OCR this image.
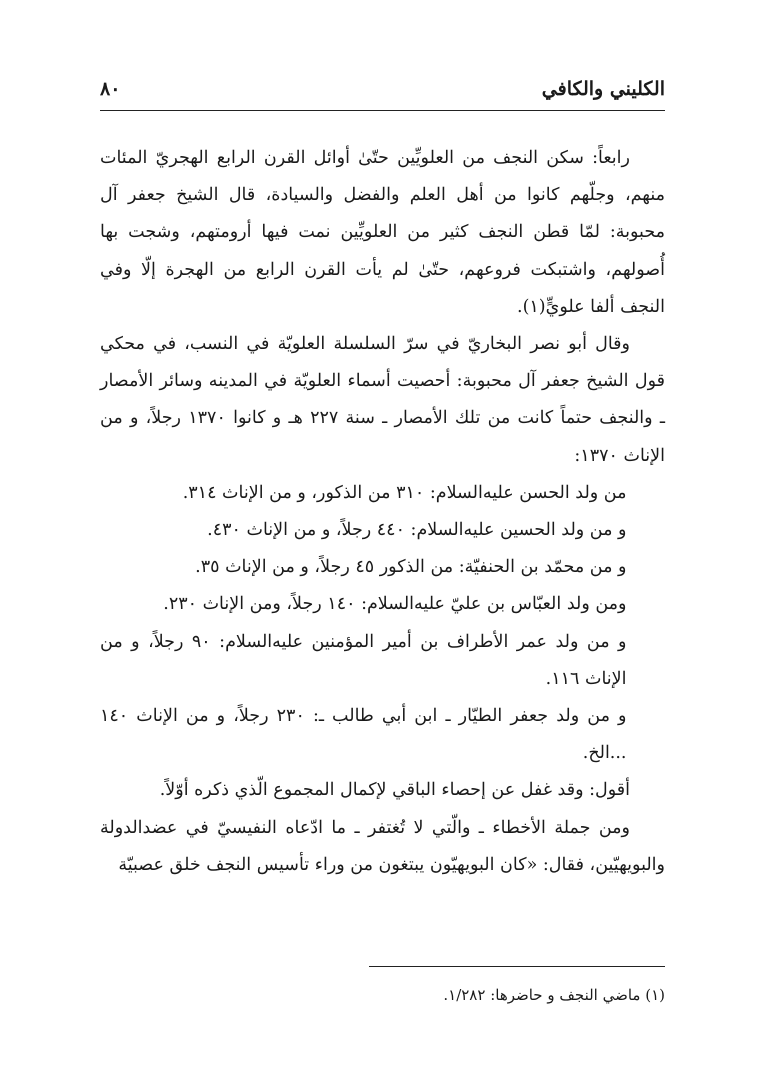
الكليني والكافي
٨٠

رابعاً: سكن النجف من العلويِّين حتّىٰ أوائل القرن الرابع الهجريّ المئات منهم، وجلّهم كانوا من أهل العلم والفضل والسيادة، قال الشيخ جعفر آل محبوبة: لمّا قطن النجف كثير من العلويِّين نمت فيها أرومتهم، وشجت بها أُصولهم، واشتبكت فروعهم، حتّىٰ لم يأت القرن الرابع من الهجرة إلّا وفي النجف ألفا علويٍّ(١).

وقال أبو نصر البخاريّ في سرّ السلسلة العلويّة في النسب، في محكي قول الشيخ جعفر آل محبوبة: أحصيت أسماء العلويّة في المدينه وسائر الأمصار ـ والنجف حتماً كانت من تلك الأمصار ـ سنة ٢٢٧ هـ و كانوا ١٣٧٠ رجلاً، و من الإناث ١٣٧٠:

من ولد الحسن عليه‌السلام: ٣١٠ من الذكور، و من الإناث ٣١٤.

و من ولد الحسين عليه‌السلام: ٤٤٠ رجلاً، و من الإناث ٤٣٠.

و من محمّد بن الحنفيّة: من الذكور ٤٥ رجلاً، و من الإناث ٣٥.

ومن ولد العبّاس بن عليّ عليه‌السلام: ١٤٠ رجلاً، ومن الإناث ٢٣٠.

و من ولد عمر الأطراف بن أمير المؤمنين عليه‌السلام: ٩٠ رجلاً، و من الإناث ١١٦.

و من ولد جعفر الطيّار ـ ابن أبي طالب ـ: ٢٣٠ رجلاً، و من الإناث ١٤٠ ...الخ.

أقول: وقد غفل عن إحصاء الباقي لإكمال المجموع الّذي ذكره أوّلاً.

ومن جملة الأخطاء ـ والّتي لا تُغتفر ـ ما ادّعاه النفيسيّ في عضدالدولة والبويهيّين، فقال: «كان البويهيّون يبتغون من وراء تأسيس النجف خلق عصبيّة

(١) ماضي النجف و حاضرها: ١/٢٨٢.
